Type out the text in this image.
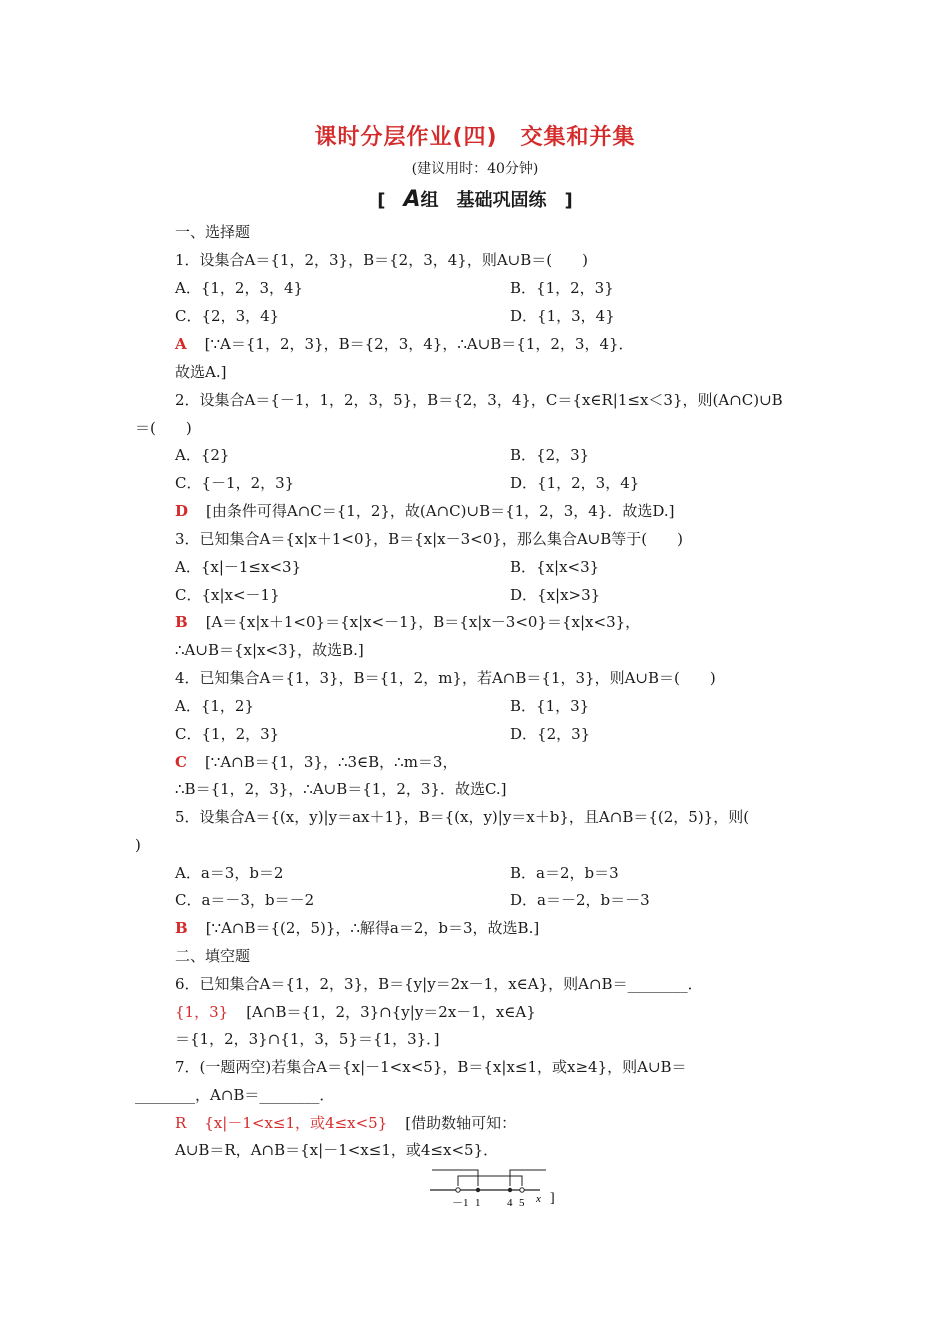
课时分层作业(四)　交集和并集
(建议用时：40分钟)
[　A组　基础巩固练　]
一、选择题
1．设集合A＝{1，2，3}，B＝{2，3，4}，则A∪B＝(　　)
A．{1，2，3，4}	B．{1，2，3}
C．{2，3，4}	D．{1，3，4}
A [∵A＝{1，2，3}，B＝{2，3，4}，∴A∪B＝{1，2，3，4}．
故选A.]
2．设集合A＝{－1，1，2，3，5}，B＝{2，3，4}，C＝{x∈R|1≤x＜3}，则(A∩C)∪B
＝(　　)
A．{2}	B．{2，3}
C．{－1，2，3}	D．{1，2，3，4}
D [由条件可得A∩C＝{1，2}，故(A∩C)∪B＝{1，2，3，4}．故选D.]
3．已知集合A＝{x|x＋1<0}，B＝{x|x－3<0}，那么集合A∪B等于(　　)
A．{x|－1≤x<3}	B．{x|x<3}
C．{x|x<－1}	D．{x|x>3}
B [A＝{x|x＋1<0}＝{x|x<－1}，B＝{x|x－3<0}＝{x|x<3}，
∴A∪B＝{x|x<3}，故选B.]
4．已知集合A＝{1，3}，B＝{1，2，m}，若A∩B＝{1，3}，则A∪B＝(　　)
A．{1，2}	B．{1，3}
C．{1，2，3}	D．{2，3}
C [∵A∩B＝{1，3}，∴3∈B，∴m＝3，
∴B＝{1，2，3}，∴A∪B＝{1，2，3}．故选C.]
5．设集合A＝{(x，y)|y＝ax＋1}，B＝{(x，y)|y＝x＋b}，且A∩B＝{(2，5)}，则(
)
A．a＝3，b＝2	B．a＝2，b＝3
C．a＝－3，b＝－2	D．a＝－2，b＝－3
B [∵A∩B＝{(2，5)}，∴解得a＝2，b＝3，故选B.]
二、填空题
6．已知集合A＝{1，2，3}，B＝{y|y＝2x－1，x∈A}，则A∩B＝________．
{1，3} [A∩B＝{1，2，3}∩{y|y＝2x－1，x∈A}
＝{1，2，3}∩{1，3，5}＝{1，3}．]
7．(一题两空)若集合A＝{x|－1<x<5}，B＝{x|x≤1，或x≥4}，则A∪B＝
________，A∩B＝________．
R {x|－1<x≤1，或4≤x<5} [借助数轴可知：
A∪B＝R，A∩B＝{x|－1<x≤1，或4≤x<5}．
－1 1 4 5 x ]
